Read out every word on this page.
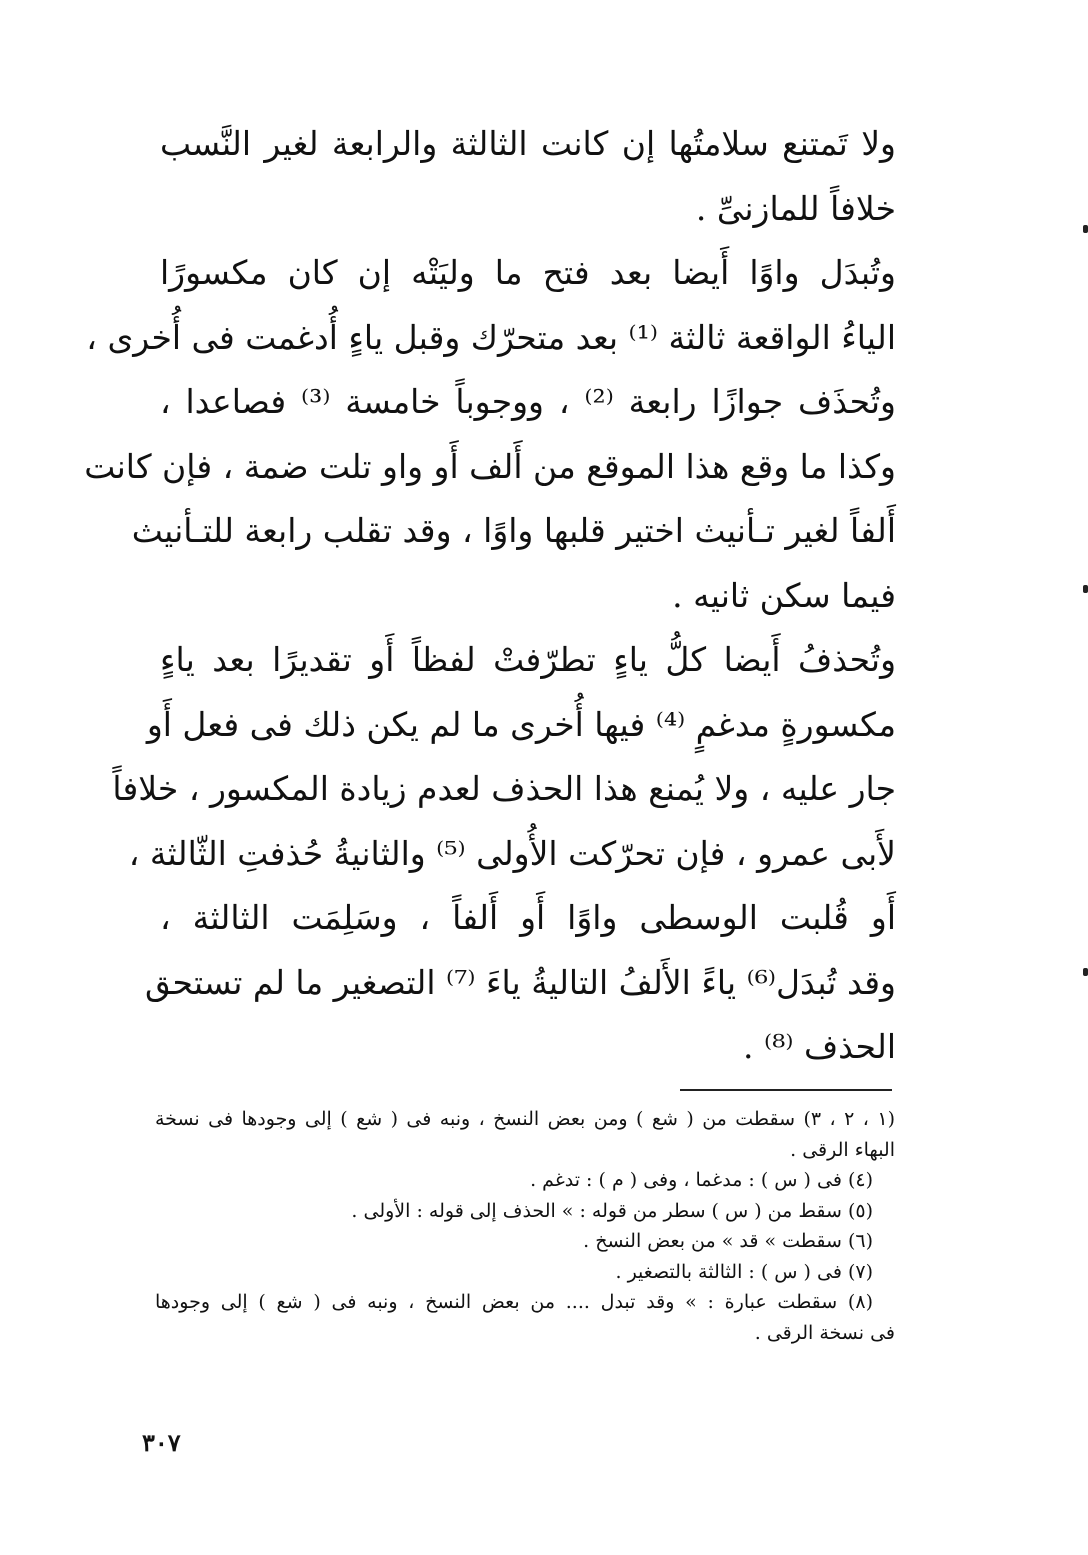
ولا تَمتنع سلامتُها إن كانت الثالثة والرابعة لغير النَّسب
خلافاً للمازنىِّ .
وتُبدَل واوًا أَيضا بعد فتح ما وليَتْه إن كان مكسورًا
الياءُ الواقعة ثالثة ⁽¹⁾ بعد متحرّك وقبل ياءٍ أُدغمت فى أُخرى ،
وتُحذَف جوازًا رابعة ⁽²⁾ ، ووجوباً خامسة ⁽³⁾ فصاعدا ،
وكذا ما وقع هذا الموقع من أَلف أَو واو تلت ضمة ، فإن كانت
أَلفاً لغير تـأنيث اختير قلبها واوًا ، وقد تقلب رابعة للتـأنيث
فيما سكن ثانيه .
وتُحذفُ أَيضا كلُّ ياءٍ تطرّفتْ لفظاً أَو تقديرًا بعد ياءٍ
مكسورةٍ مدغمٍ ⁽⁴⁾ فيها أُخرى ما لم يكن ذلك فى فعل أَو
جار عليه ، ولا يُمنع هذا الحذف لعدم زيادة المكسور ، خلافاً
لأَبى عمرو ، فإن تحرّكت الأُولى ⁽⁵⁾ والثانيةُ حُذفتِ الثّالثة ،
أَو قُلبت الوسطى واوًا أَو أَلفاً ، وسَلِمَت الثالثة ،
وقد تُبدَل⁽⁶⁾ ياءً الأَلفُ التاليةُ ياءَ ⁽⁷⁾ التصغير ما لم تستحق
الحذف ⁽⁸⁾ .
(١ ، ٢ ، ٣) سقطت من ( شع ) ومن بعض النسخ ، ونبه فى ( شع ) إلى وجودها فى نسخة
البهاء الرقى .
(٤) فى ( س ) : مدغما ، وفى ( م ) : تدغم .
(٥) سقط من ( س ) سطر من قوله : » الحذف إلى قوله : الأولى .
(٦) سقطت » قد » من بعض النسخ .
(٧) فى ( س ) : الثالثة بالتصغير .
(٨) سقطت عبارة : » وقد تبدل .... من بعض النسخ ، ونبه فى ( شع ) إلى وجودها
فى نسخة الرقى .
٣٠٧
